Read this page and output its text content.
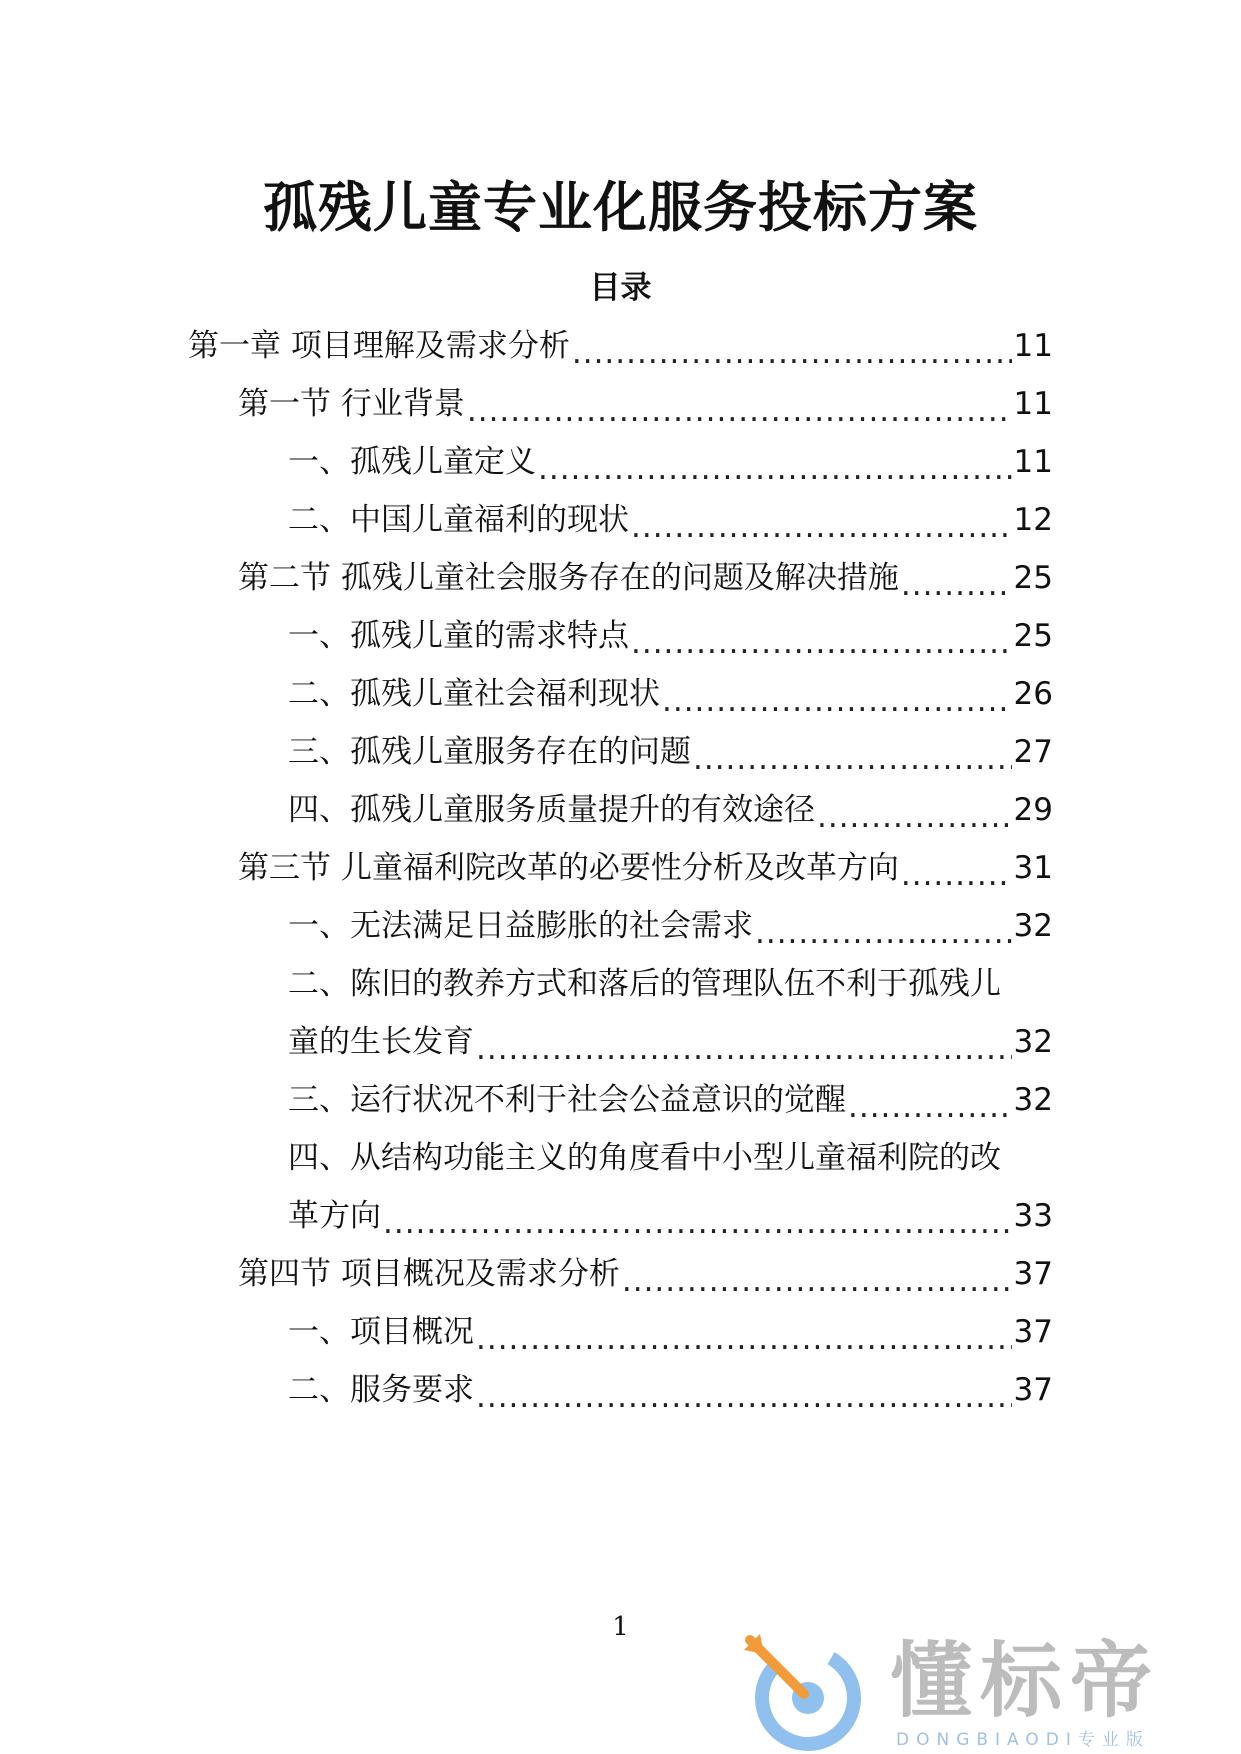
孤残儿童专业化服务投标方案
目录
第一章 项目理解及需求分析 .....	11
第一节 行业背景 .....	11
一、孤残儿童定义 .....	11
二、中国儿童福利的现状 .....	12
第二节 孤残儿童社会服务存在的问题及解决措施 .....	25
一、孤残儿童的需求特点 .....	25
二、孤残儿童社会福利现状 .....	26
三、孤残儿童服务存在的问题 .....	27
四、孤残儿童服务质量提升的有效途径 .....	29
第三节 儿童福利院改革的必要性分析及改革方向 .....	31
一、无法满足日益膨胀的社会需求 .....	32
二、陈旧的教养方式和落后的管理队伍不利于孤残儿
童的生长发育 .....	32
三、运行状况不利于社会公益意识的觉醒 .....	32
四、从结构功能主义的角度看中小型儿童福利院的改
革方向 .....	33
第四节 项目概况及需求分析 .....	37
一、项目概况 .....	37
二、服务要求 .....	37
1
懂标帝
DONGBIAODI专业版
